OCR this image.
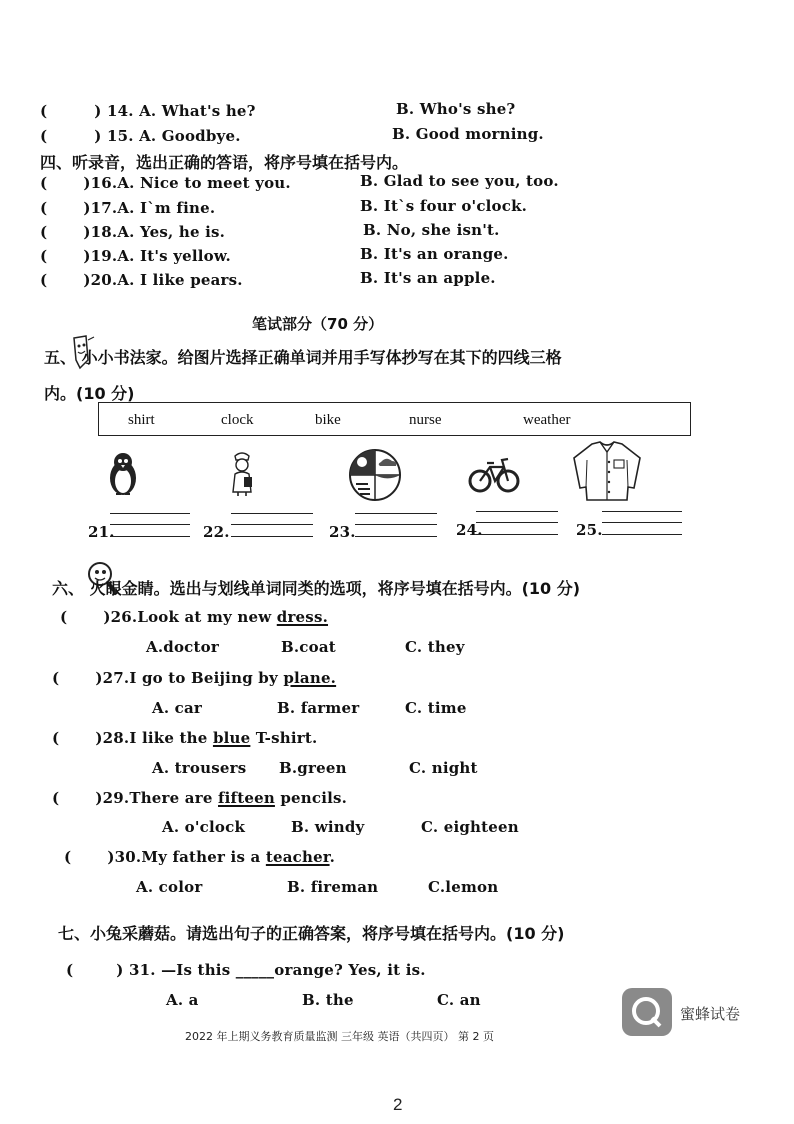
(	) 14. A. What's he?	B. Who's she?
(	) 15. A. Goodbye.	B. Good morning.
四、听录音，选出正确的答语，将序号填在括号内。
( )16.A. Nice to meet you.	B. Glad to see you, too.
( )17.A. I`m fine.	B. It`s four o'clock.
( )18.A. Yes, he is.	B. No, she isn't.
( )19.A. It's yellow.	B. It's an orange.
( )20.A. I like pears.	B. It's an apple.
笔试部分（70 分）
五、 小小书法家。给图片选择正确单词并用手写体抄写在其下的四线三格
内。(10 分)
shirt	clock	bike	nurse	weather
21.	22.	23.	24.	25.
六、 火眼金睛。选出与划线单词同类的选项，将序号填在括号内。(10 分)
( )26.Look at my new dress.
A.doctor	B.coat	C. they
( )27.I go to Beijing by plane.
A. car	B. farmer	C. time
( )28.I like the blue T-shirt.
A. trousers B.green	C. night
( )29.There are fifteen pencils.
A. o'clock	B. windy	C. eighteen
( )30.My father is a teacher.
A. color	B. fireman	C.lemon
七、小兔采蘑菇。请选出句子的正确答案，将序号填在括号内。(10 分)
(	) 31. —Is this _____orange? Yes, it is.
A. a	B. the	C. an
蜜蜂试卷
2022 年上期义务教育质量监测 三年级 英语（共四页） 第 2 页
2
